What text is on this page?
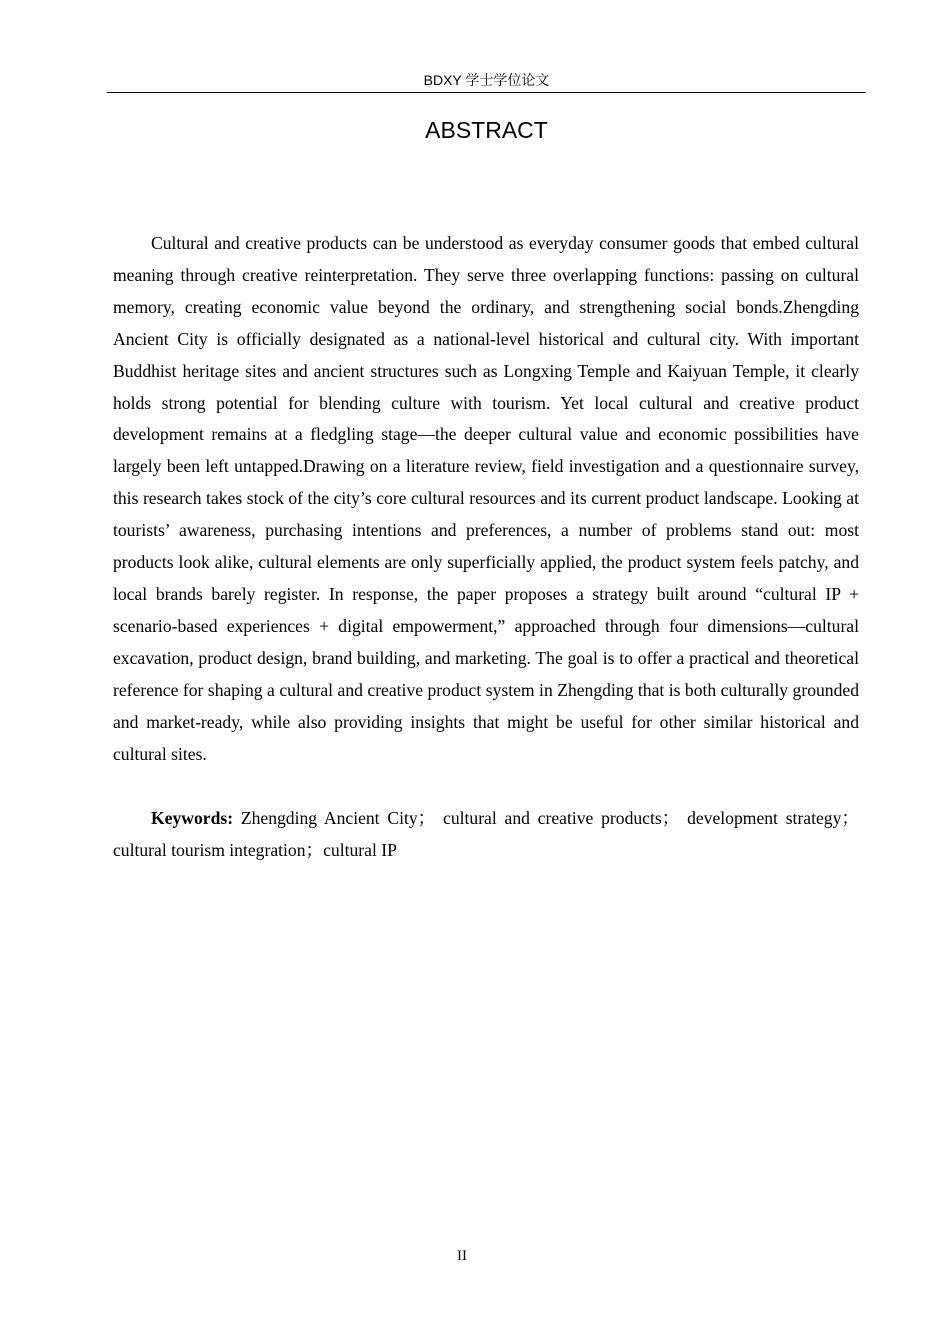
BDXY 学士学位论文
ABSTRACT

Cultural and creative products can be understood as everyday consumer goods that embed cultural meaning through creative reinterpretation. They serve three overlapping functions: passing on cultural memory, creating economic value beyond the ordinary, and strengthening social bonds.Zhengding Ancient City is officially designated as a national-level historical and cultural city. With important Buddhist heritage sites and ancient structures such as Longxing Temple and Kaiyuan Temple, it clearly holds strong potential for blending culture with tourism. Yet local cultural and creative product development remains at a fledgling stage—the deeper cultural value and economic possibilities have largely been left untapped.Drawing on a literature review, field investigation and a questionnaire survey, this research takes stock of the city’s core cultural resources and its current product landscape. Looking at tourists’ awareness, purchasing intentions and preferences, a number of problems stand out: most products look alike, cultural elements are only superficially applied, the product system feels patchy, and local brands barely register. In response, the paper proposes a strategy built around “cultural IP + scenario-based experiences + digital empowerment,” approached through four dimensions—cultural excavation, product design, brand building, and marketing. The goal is to offer a practical and theoretical reference for shaping a cultural and creative product system in Zhengding that is both culturally grounded and market-ready, while also providing insights that might be useful for other similar historical and cultural sites.

Keywords: Zhengding Ancient City； cultural and creative products； development strategy； cultural tourism integration；cultural IP

II
